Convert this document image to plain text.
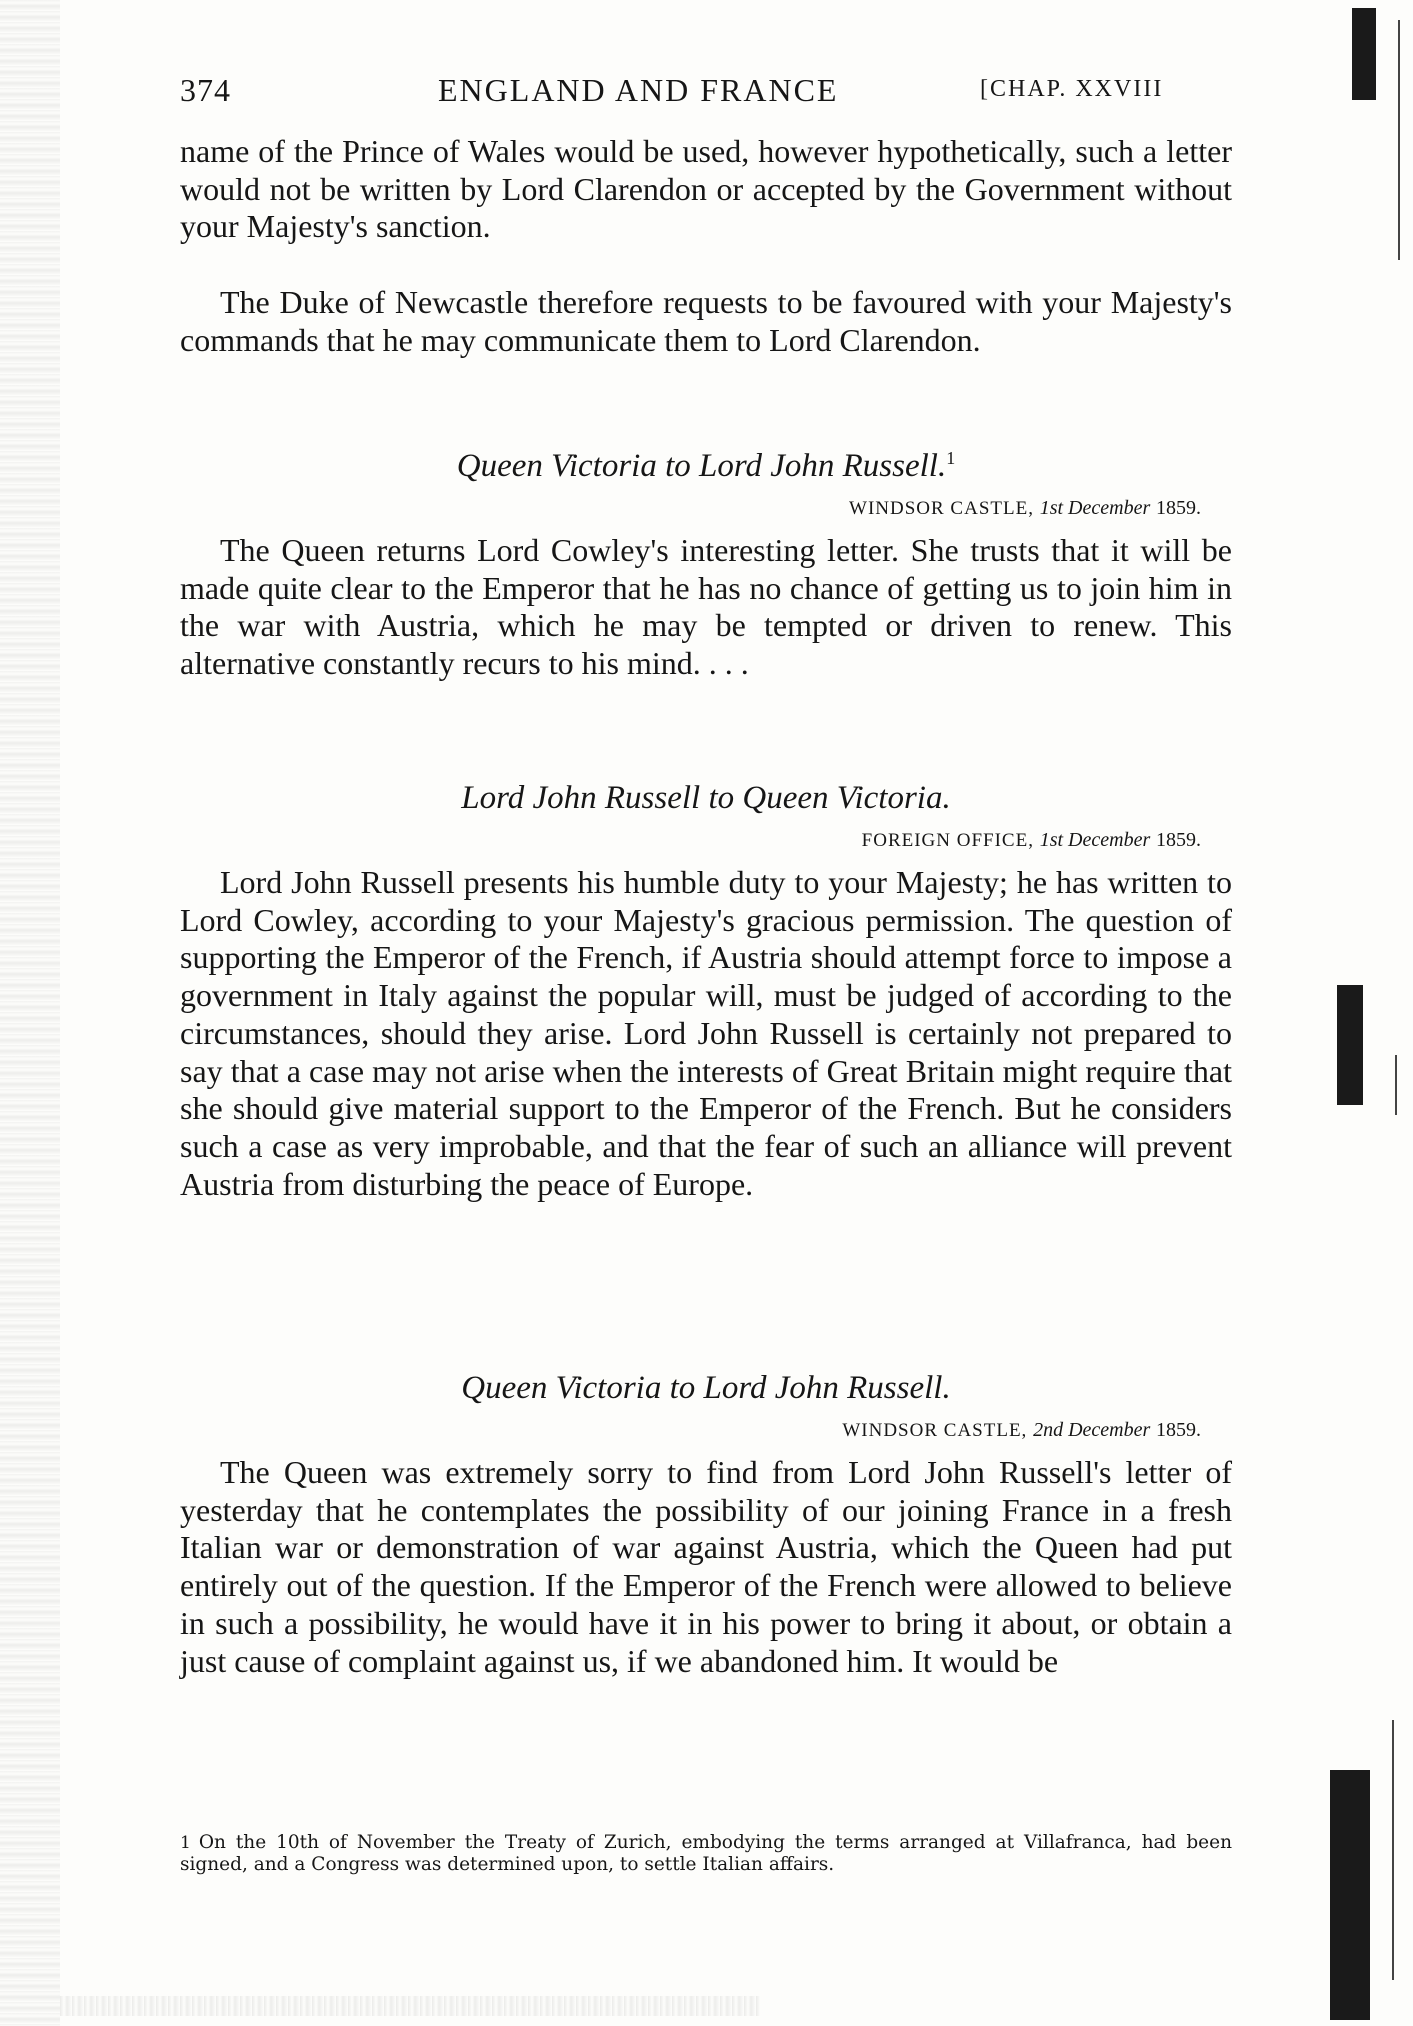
374	ENGLAND AND FRANCE	[CHAP. XXVIII

name of the Prince of Wales would be used, however hypothetically, such a letter would not be written by Lord Clarendon or accepted by the Government without your Majesty's sanction.

The Duke of Newcastle therefore requests to be favoured with your Majesty's commands that he may communicate them to Lord Clarendon.

Queen Victoria to Lord John Russell.$^1$

WINDSOR CASTLE, 1st December 1859.

The Queen returns Lord Cowley's interesting letter. She trusts that it will be made quite clear to the Emperor that he has no chance of getting us to join him in the war with Austria, which he may be tempted or driven to renew. This alternative constantly recurs to his mind. . . .

Lord John Russell to Queen Victoria.

FOREIGN OFFICE, 1st December 1859.

Lord John Russell presents his humble duty to your Majesty; he has written to Lord Cowley, according to your Majesty's gracious permission. The question of supporting the Emperor of the French, if Austria should attempt force to impose a government in Italy against the popular will, must be judged of according to the circumstances, should they arise. Lord John Russell is certainly not prepared to say that a case may not arise when the interests of Great Britain might require that she should give material support to the Emperor of the French. But he considers such a case as very improbable, and that the fear of such an alliance will prevent Austria from disturbing the peace of Europe.

Queen Victoria to Lord John Russell.

WINDSOR CASTLE, 2nd December 1859.

The Queen was extremely sorry to find from Lord John Russell's letter of yesterday that he contemplates the possibility of our joining France in a fresh Italian war or demonstration of war against Austria, which the Queen had put entirely out of the question. If the Emperor of the French were allowed to believe in such a possibility, he would have it in his power to bring it about, or obtain a just cause of complaint against us, if we abandoned him. It would be

1 On the 10th of November the Treaty of Zurich, embodying the terms arranged at Villafranca, had been signed, and a Congress was determined upon, to settle Italian affairs.
